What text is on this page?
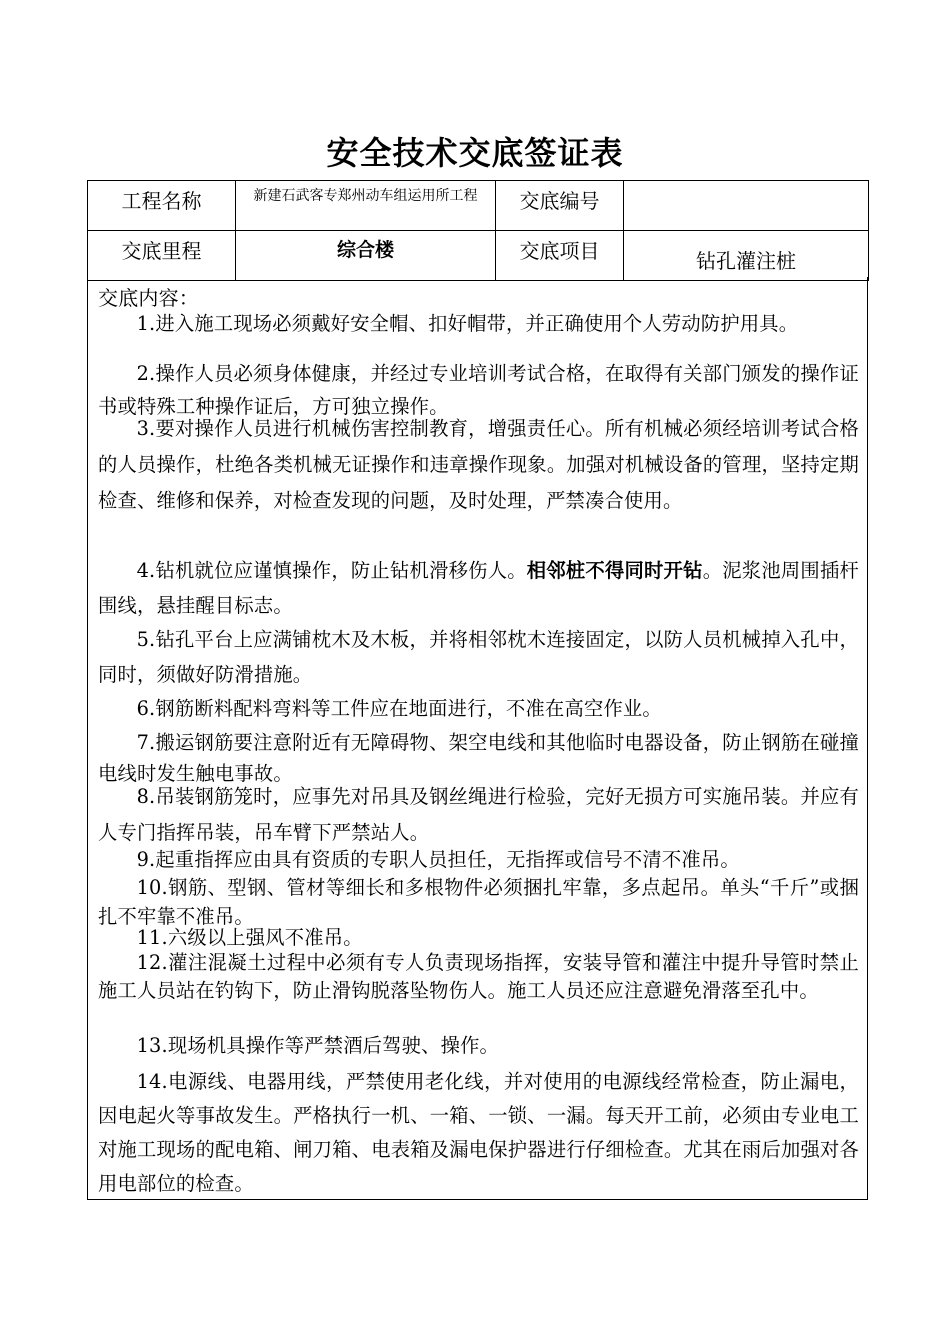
安全技术交底签证表
工程名称	新建石武客专郑州动车组运用所工程	交底编号	
交底里程	综合楼	交底项目	钻孔灌注桩

交底内容：

1.进入施工现场必须戴好安全帽、扣好帽带，并正确使用个人劳动防护用具。

2.操作人员必须身体健康，并经过专业培训考试合格，在取得有关部门颁发的操作证书或特殊工种操作证后，方可独立操作。

3.要对操作人员进行机械伤害控制教育，增强责任心。所有机械必须经培训考试合格的人员操作，杜绝各类机械无证操作和违章操作现象。加强对机械设备的管理，坚持定期检查、维修和保养，对检查发现的问题，及时处理，严禁凑合使用。

4.钻机就位应谨慎操作，防止钻机滑移伤人。相邻桩不得同时开钻。泥浆池周围插杆围线，悬挂醒目标志。

5.钻孔平台上应满铺枕木及木板，并将相邻枕木连接固定，以防人员机械掉入孔中，同时，须做好防滑措施。

6.钢筋断料配料弯料等工件应在地面进行，不准在高空作业。

7.搬运钢筋要注意附近有无障碍物、架空电线和其他临时电器设备，防止钢筋在碰撞电线时发生触电事故。

8.吊装钢筋笼时，应事先对吊具及钢丝绳进行检验，完好无损方可实施吊装。并应有人专门指挥吊装，吊车臂下严禁站人。

9.起重指挥应由具有资质的专职人员担任，无指挥或信号不清不准吊。

10.钢筋、型钢、管材等细长和多根物件必须捆扎牢靠，多点起吊。单头“千斤”或捆扎不牢靠不准吊。

11.六级以上强风不准吊。

12.灌注混凝土过程中必须有专人负责现场指挥，安装导管和灌注中提升导管时禁止施工人员站在钓钩下，防止滑钩脱落坠物伤人。施工人员还应注意避免滑落至孔中。

13.现场机具操作等严禁酒后驾驶、操作。

14.电源线、电器用线，严禁使用老化线，并对使用的电源线经常检查，防止漏电，因电起火等事故发生。严格执行一机、一箱、一锁、一漏。每天开工前，必须由专业电工对施工现场的配电箱、闸刀箱、电表箱及漏电保护器进行仔细检查。尤其在雨后加强对各用电部位的检查。
